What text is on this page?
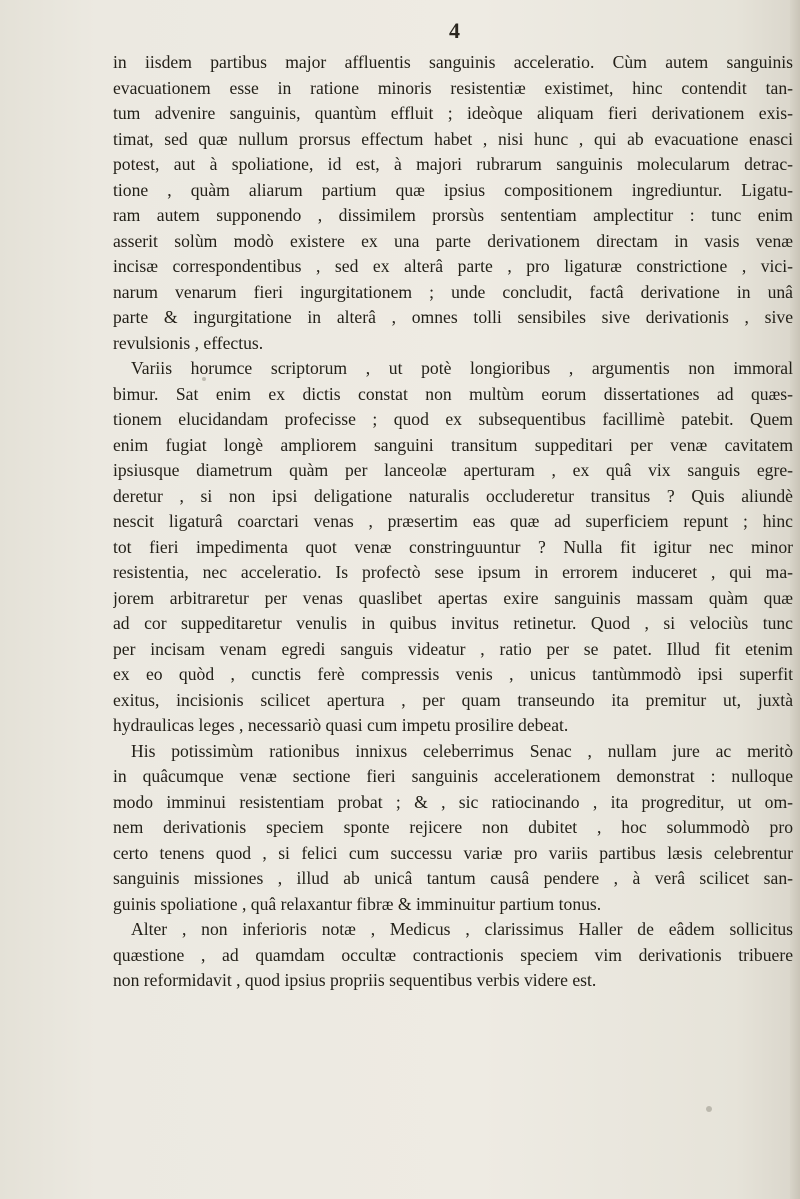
4
in iisdem partibus major affluentis sanguinis acceleratio. Cùm autem sanguinis
evacuationem esse in ratione minoris resistentiæ existimet, hinc contendit tan-
tum advenire sanguinis, quantùm effluit ; ideòque aliquam fieri derivationem exis-
timat, sed quæ nullum prorsus effectum habet , nisi hunc , qui ab evacuatione enasci
potest, aut à spoliatione, id est, à majori rubrarum sanguinis molecularum detrac-
tione , quàm aliarum partium quæ ipsius compositionem ingrediuntur. Ligatu-
ram autem supponendo , dissimilem prorsùs sententiam amplectitur : tunc enim
asserit solùm modò existere ex una parte derivationem directam in vasis venæ
incisæ correspondentibus , sed ex alterâ parte , pro ligaturæ constrictione , vici-
narum venarum fieri ingurgitationem ; unde concludit, factâ derivatione in unâ
parte & ingurgitatione in alterâ , omnes tolli sensibiles sive derivationis , sive
revulsionis , effectus.
Variis horumce scriptorum , ut potè longioribus , argumentis non immoral
bimur. Sat enim ex dictis constat non multùm eorum dissertationes ad quæs-
tionem elucidandam profecisse ; quod ex subsequentibus facillimè patebit. Quem
enim fugiat longè ampliorem sanguini transitum suppeditari per venæ cavitatem
ipsiusque diametrum quàm per lanceolæ aperturam , ex quâ vix sanguis egre-
deretur , si non ipsi deligatione naturalis occluderetur transitus ? Quis aliundè
nescit ligaturâ coarctari venas , præsertim eas quæ ad superficiem repunt ; hinc
tot fieri impedimenta quot venæ constringuuntur ? Nulla fit igitur nec minor
resistentia, nec acceleratio. Is profectò sese ipsum in errorem induceret , qui ma-
jorem arbitraretur per venas quaslibet apertas exire sanguinis massam quàm quæ
ad cor suppeditaretur venulis in quibus invitus retinetur. Quod , si velociùs tunc
per incisam venam egredi sanguis videatur , ratio per se patet. Illud fit etenim
ex eo quòd , cunctis ferè compressis venis , unicus tantùmmodò ipsi superfit
exitus, incisionis scilicet apertura , per quam transeundo ita premitur ut, juxtà
hydraulicas leges , necessariò quasi cum impetu prosilire debeat.
His potissimùm rationibus innixus celeberrimus Senac , nullam jure ac meritò
in quâcumque venæ sectione fieri sanguinis accelerationem demonstrat : nulloque
modo imminui resistentiam probat ; & , sic ratiocinando , ita progreditur, ut om-
nem derivationis speciem sponte rejicere non dubitet , hoc solummodò pro
certo tenens quod , si felici cum successu variæ pro variis partibus læsis celebrentur
sanguinis missiones , illud ab unicâ tantum causâ pendere , à verâ scilicet san-
guinis spoliatione , quâ relaxantur fibræ & imminuitur partium tonus.
Alter , non inferioris notæ , Medicus , clarissimus Haller de eâdem sollicitus
quæstione , ad quamdam occultæ contractionis speciem vim derivationis tribuere
non reformidavit , quod ipsius propriis sequentibus verbis videre est.
